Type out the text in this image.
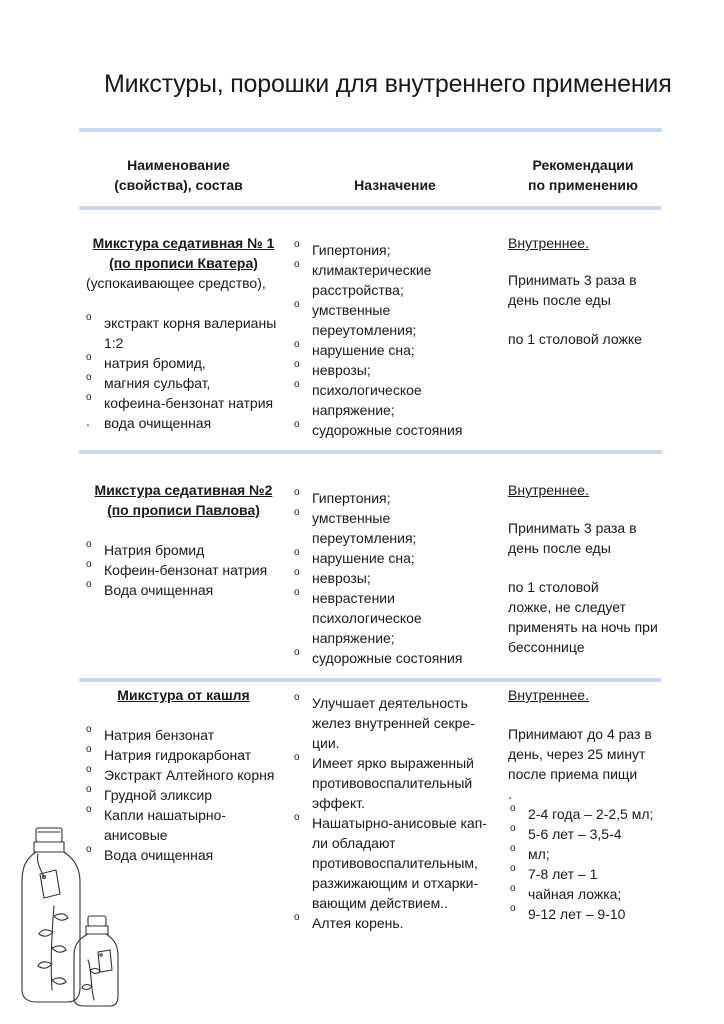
Микстуры, порошки для внутреннего применения
Наименование
(свойства), состав	Назначение
Рекомендации
по применению
Микстура седативная № 1
(по прописи Кватера)
(успокаивающее средство),
o экстракт корня валерианы 1:2
o натрия бромид,
o магния сульфат,
o кофеина-бензонат натрия
. вода очищенная
o Гипертония;
o климактерические расстройства;
o умственные переутомления;
o нарушение сна;
o неврозы;
o психологическое напряжение;
o судорожные состояния
Внутреннее.
Принимать 3 раза в
день после еды
по 1 столовой ложке
Микстура седативная №2
(по прописи Павлова)
o Натрия бромид
o Кофеин-бензонат натрия
o Вода очищенная
o Гипертония;
o умственные переутомления;
o нарушение сна;
o неврозы;
o неврастении психологическое напряжение;
o судорожные состояния
Внутреннее.
Принимать 3 раза в
день после еды
по 1 столовой
ложке, не следует
применять на ночь при
бессоннице
Микстура от кашля
o Натрия бензонат
o Натрия гидрокарбонат
o Экстракт Алтейного корня
o Грудной эликсир
o Капли нашатырно-анисовые
o Вода очищенная
o Улучшает деятельность желез внутренней секре-ции.
o Имеет ярко выраженный противовоспалительный эффект.
o Нашатырно-анисовые кап-ли обладают противовоспалительным, разжижающим и отхарки-вающим действием..
o Алтея корень.
Внутреннее.
Принимают до 4 раз в
день, через 25 минут
после приема пищи
.
o 2-4 года – 2-2,5 мл;
o 5-6 лет – 3,5-4
o мл;
o 7-8 лет – 1
o чайная ложка;
o 9-12 лет – 9-10
